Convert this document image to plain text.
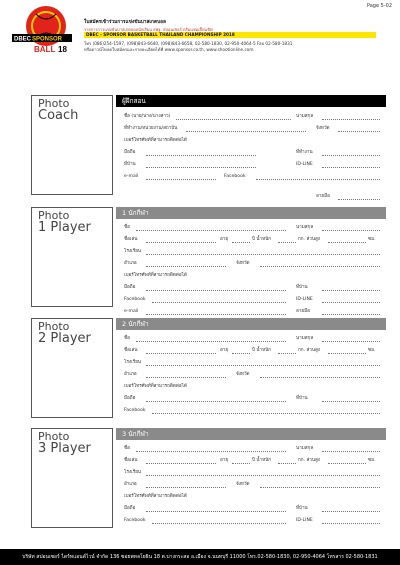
Page 5-02
DBEC SPONSOR
BALL 18
ใบสมัครเข้าร่วมการแข่งขันบาสเกตบอล
รายการการแข่งขันบาสเกตบอลนักเรียน สพฐ. สปอนเซอร์ ดรีมแชมเปี้ยนชิพ
DBEC - SPONSOR BASKETBALL THAILAND CHAMPIONSHIP 2018
โทร (086)254-1597, (098)843-6640, (098)843-6658, 02-580-1830, 02-950-4064-5 Fax 02-580-1831
หรือดาวน์โหลดใบสมัครและรายละเอียดได้ที่ www.sponsor.co.th, www.shootionline.com
Photo
Coach
ผู้ฝึกสอน
ชื่อ (นาย/นาง/นางสาว)	นามสกุล
ที่ทำงาน/หน่วยงาน/สถาบัน	จังหวัด
เบอร์โทรศัพท์ที่สามารถติดต่อได้
มือถือ	ที่ทำงาน
ที่บ้าน	ID-LINE
e-mail	Facebook
ลายมือ
Photo
1 Player
1 นักกีฬา
ชื่อ	นามสกุล
ชื่อเล่น	อายุ	ปี น้ำหนัก	กก. ส่วนสูง	ซม.
โรงเรียน
อำเภอ	จังหวัด
เบอร์โทรศัพท์ที่สามารถติดต่อได้
มือถือ	ที่บ้าน
Facebook	ID-LINE
e-mail	ลายมือ
Photo
2 Player
2 นักกีฬา
ชื่อ	นามสกุล
ชื่อเล่น	อายุ	ปี น้ำหนัก	กก. ส่วนสูง	ซม.
โรงเรียน
อำเภอ	จังหวัด
เบอร์โทรศัพท์ที่สามารถติดต่อได้
มือถือ	ที่บ้าน
Facebook
Photo
3 Player
3 นักกีฬา
ชื่อ	นามสกุล
ชื่อเล่น	อายุ	ปี น้ำหนัก	กก. ส่วนสูง	ซม.
โรงเรียน
อำเภอ	จังหวัด
เบอร์โทรศัพท์ที่สามารถติดต่อได้
มือถือ	ที่บ้าน
Facebook	ID-LINE
บริษัท สปอนเซอร์ ไดร์ทแอนด์ไวน์ จำกัด 136 ซอยพหลโยธิน 18 ต.บางกระสอ อ.เมือง จ.นนทบุรี 11000 โทร.02-580-1830, 02-950-4064 โทรสาร 02-580-1831
